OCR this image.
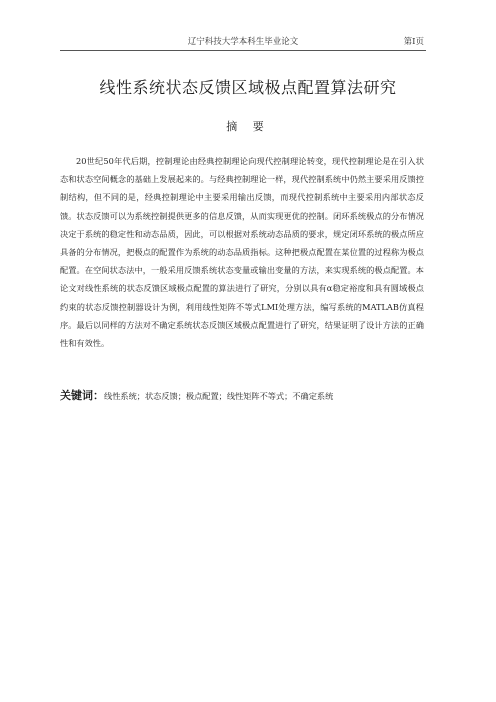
辽宁科技大学本科生毕业论文	第I页
线性系统状态反馈区域极点配置算法研究
摘 要

20世纪50年代后期，控制理论由经典控制理论向现代控制理论转变，现代控制理论是在引入状态和状态空间概念的基础上发展起来的。与经典控制理论一样，现代控制系统中仍然主要采用反馈控制结构，但不同的是，经典控制理论中主要采用输出反馈，而现代控制系统中主要采用内部状态反馈。状态反馈可以为系统控制提供更多的信息反馈，从而实现更优的控制。闭环系统极点的分布情况决定于系统的稳定性和动态品质，因此，可以根据对系统动态品质的要求，规定闭环系统的极点所应具备的分布情况，把极点的配置作为系统的动态品质指标。这种把极点配置在某位置的过程称为极点配置。在空间状态法中，一般采用反馈系统状态变量或输出变量的方法，来实现系统的极点配置。本论文对线性系统的状态反馈区域极点配置的算法进行了研究，分别以具有α稳定裕度和具有圆域极点约束的状态反馈控制器设计为例，利用线性矩阵不等式LMI处理方法，编写系统的MATLAB仿真程序。最后以同样的方法对不确定系统状态反馈区域极点配置进行了研究，结果证明了设计方法的正确性和有效性。

关键词：线性系统；状态反馈；极点配置；线性矩阵不等式；不确定系统
